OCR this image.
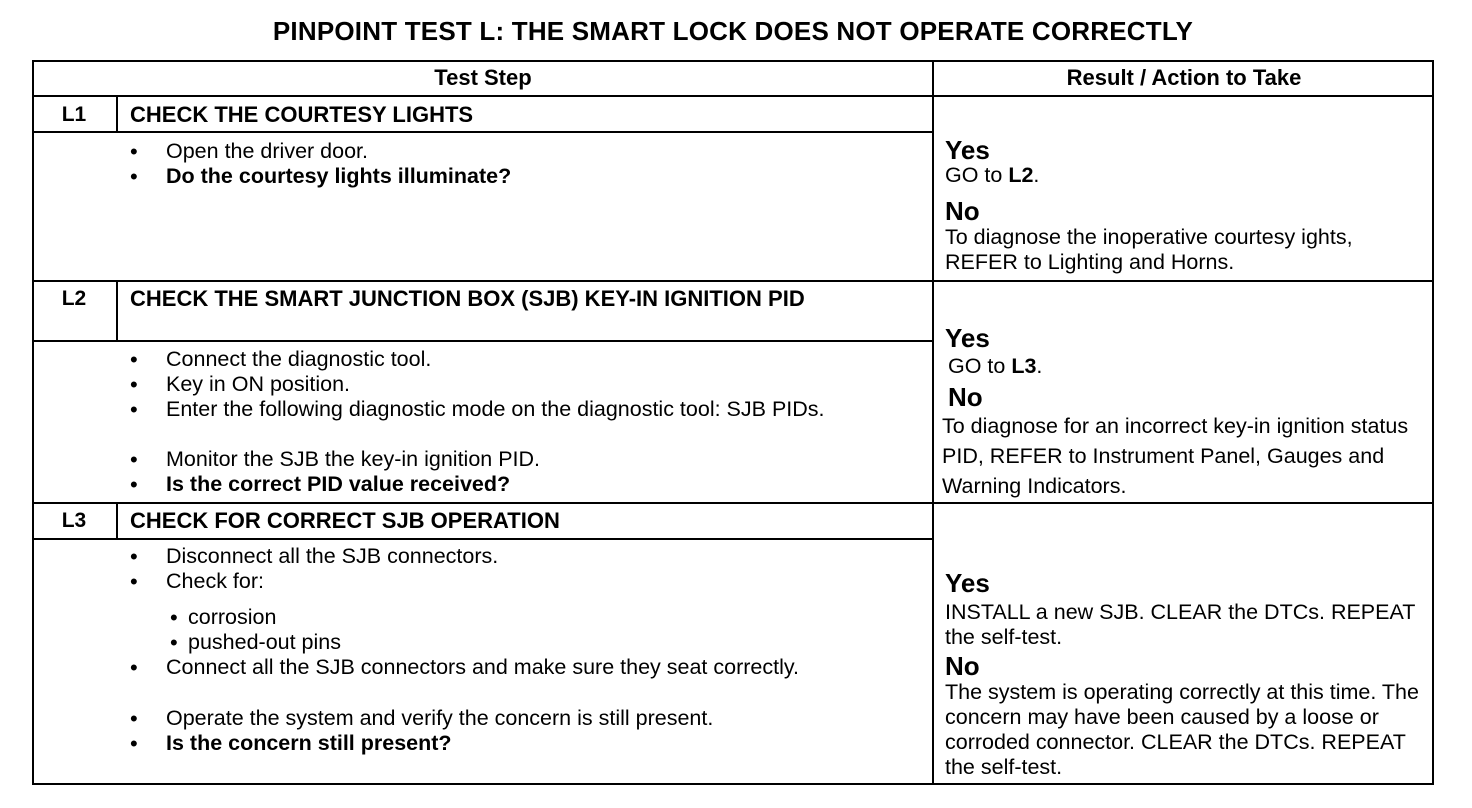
PINPOINT TEST L: THE SMART LOCK DOES NOT OPERATE CORRECTLY
Test Step	Result / Action to Take
L1	CHECK THE COURTESY LIGHTS
• Open the driver door.
• Do the courtesy lights illuminate?
Yes
GO to L2.
No
To diagnose the inoperative courtesy ights, REFER to Lighting and Horns.
L2	CHECK THE SMART JUNCTION BOX (SJB) KEY-IN IGNITION PID
• Connect the diagnostic tool.
• Key in ON position.
• Enter the following diagnostic mode on the diagnostic tool: SJB PIDs.
• Monitor the SJB the key-in ignition PID.
• Is the correct PID value received?
Yes
GO to L3.
No
To diagnose for an incorrect key-in ignition status PID, REFER to Instrument Panel, Gauges and Warning Indicators.
L3	CHECK FOR CORRECT SJB OPERATION
• Disconnect all the SJB connectors.
• Check for:
• corrosion
• pushed-out pins
• Connect all the SJB connectors and make sure they seat correctly.
• Operate the system and verify the concern is still present.
• Is the concern still present?
Yes
INSTALL a new SJB. CLEAR the DTCs. REPEAT the self-test.
No
The system is operating correctly at this time. The concern may have been caused by a loose or corroded connector. CLEAR the DTCs. REPEAT the self-test.
